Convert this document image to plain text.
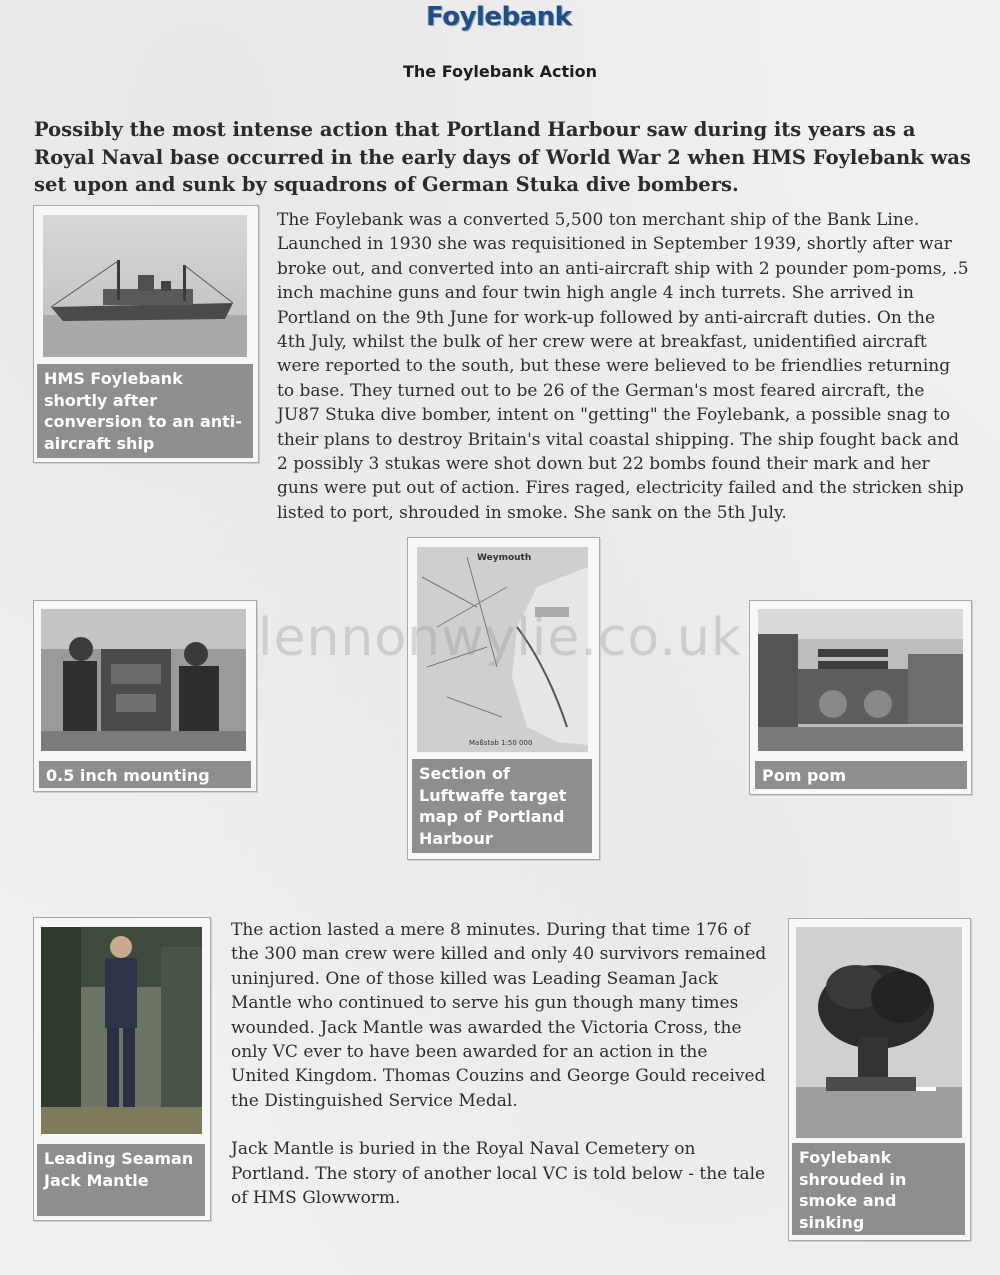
Foylebank
The Foylebank Action
Possibly the most intense action that Portland Harbour saw during its years as a Royal Naval base occurred in the early days of World War 2 when HMS Foylebank was set upon and sunk by squadrons of German Stuka dive bombers.
HMS Foylebank shortly after conversion to an anti-aircraft ship
The Foylebank was a converted 5,500 ton merchant ship of the Bank Line. Launched in 1930 she was requisitioned in September 1939, shortly after war broke out, and converted into an anti-aircraft ship with 2 pounder pom-poms, .5 inch machine guns and four twin high angle 4 inch turrets. She arrived in Portland on the 9th June for work-up followed by anti-aircraft duties. On the 4th July, whilst the bulk of her crew were at breakfast, unidentified aircraft were reported to the south, but these were believed to be friendlies returning to base. They turned out to be 26 of the German's most feared aircraft, the JU87 Stuka dive bomber, intent on "getting" the Foylebank, a possible snag to their plans to destroy Britain's vital coastal shipping. The ship fought back and 2 possibly 3 stukas were shot down but 22 bombs found their mark and her guns were put out of action. Fires raged, electricity failed and the stricken ship listed to port, shrouded in smoke. She sank on the 5th July.
0.5 inch mounting
Weymouth
Maßstab 1:50 000
Section of Luftwaffe target map of Portland Harbour
Pom pom
lennonwylie.co.uk
Leading Seaman Jack Mantle

The action lasted a mere 8 minutes. During that time 176 of the 300 man crew were killed and only 40 survivors remained uninjured. One of those killed was Leading Seaman Jack Mantle who continued to serve his gun though many times wounded. Jack Mantle was awarded the Victoria Cross, the only VC ever to have been awarded for an action in the United Kingdom. Thomas Couzins and George Gould received the Distinguished Service Medal.

Jack Mantle is buried in the Royal Naval Cemetery on Portland. The story of another local VC is told below - the tale of HMS Glowworm.

Foylebank shrouded in smoke and sinking
